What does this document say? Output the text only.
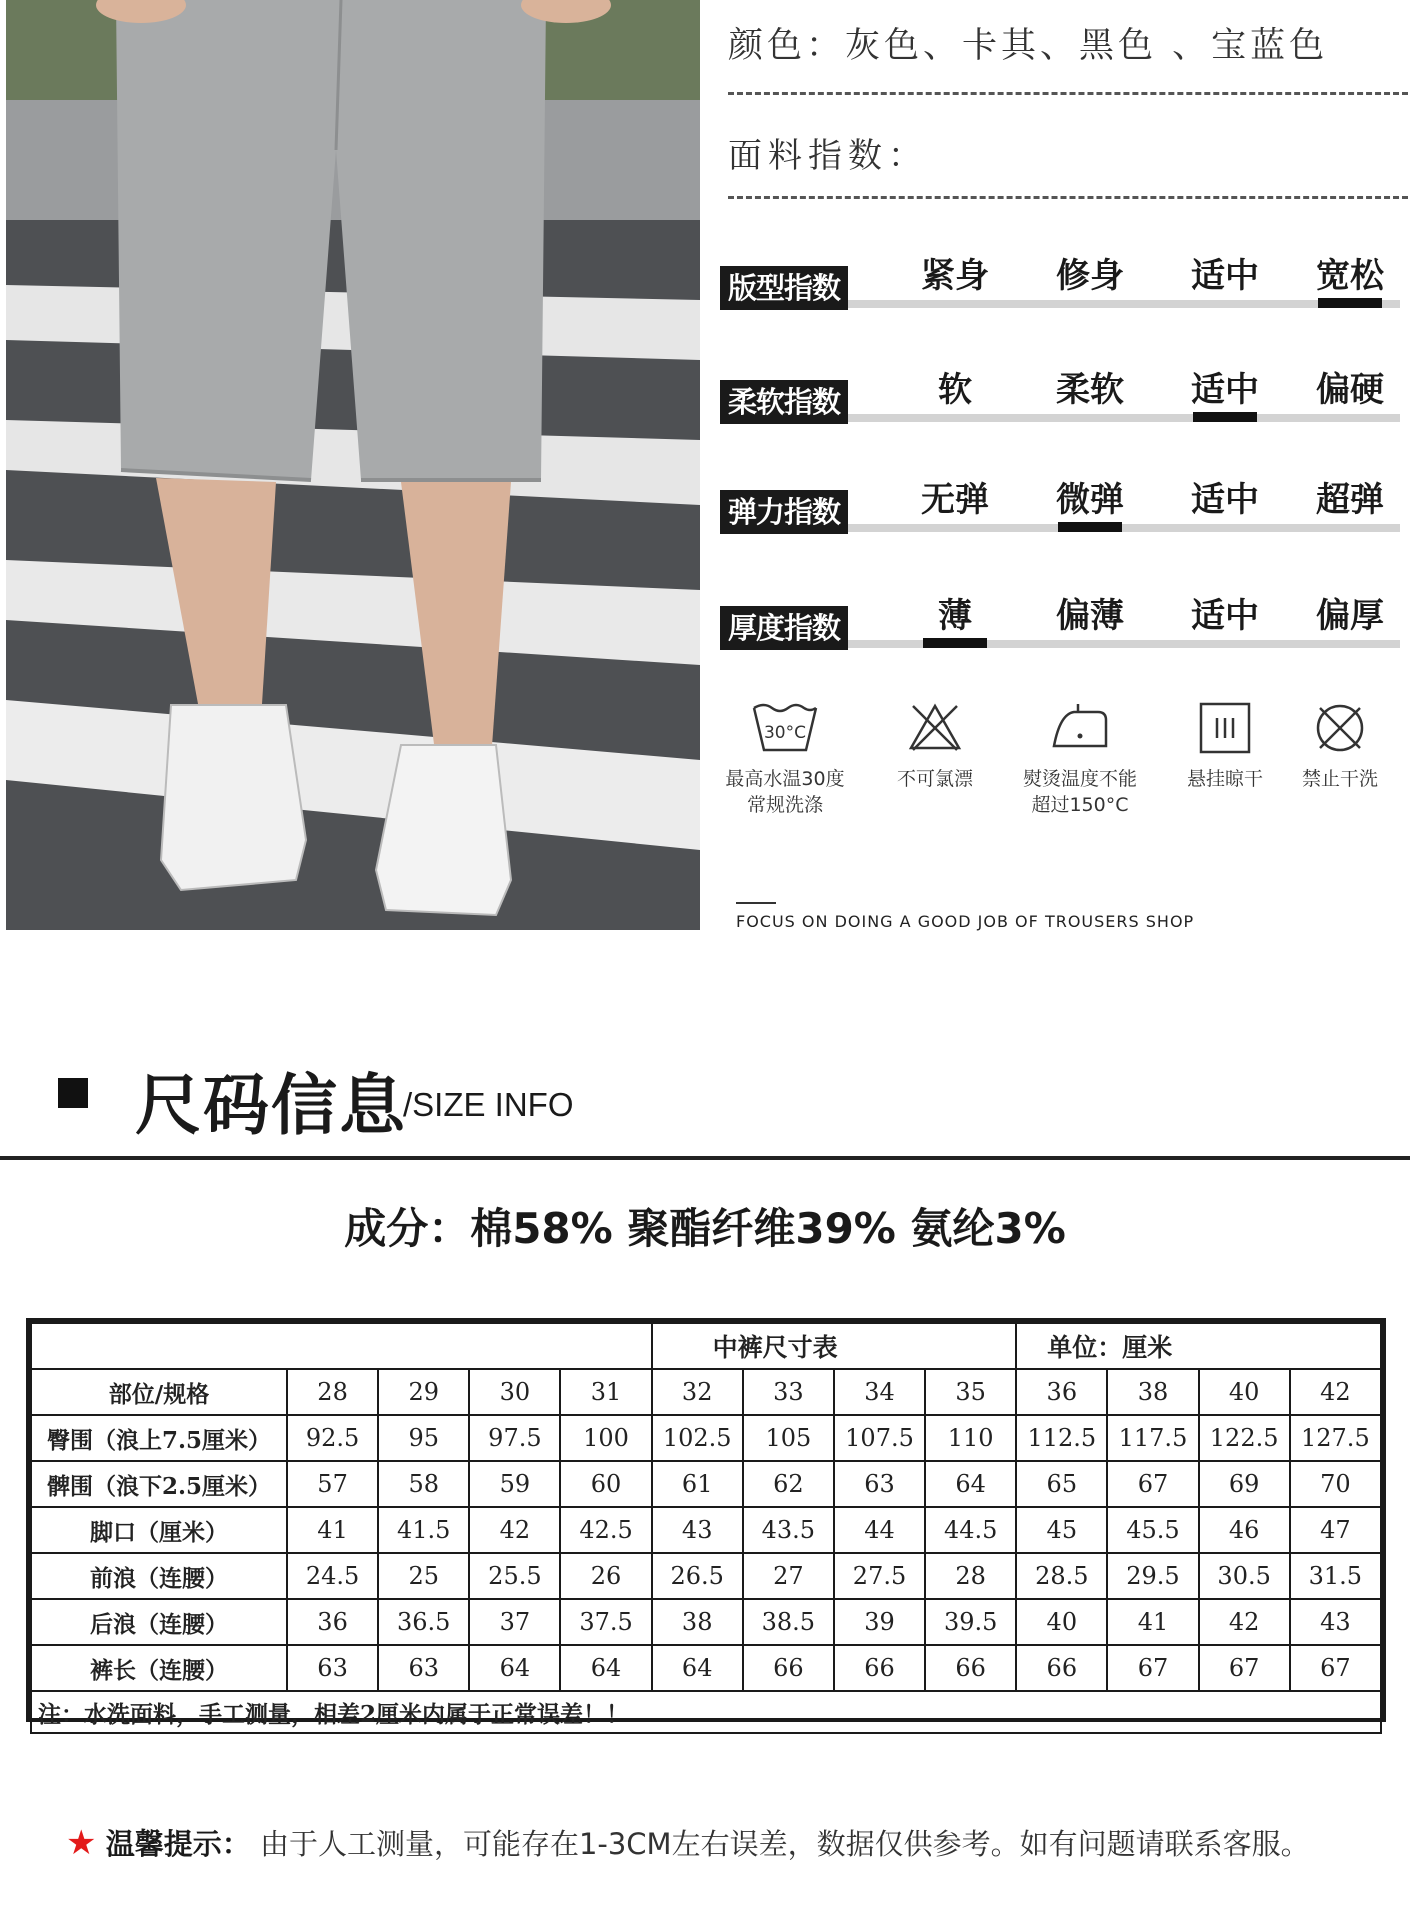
颜色：灰色、卡其、黑色 、宝蓝色
面料指数：
版型指数	紧身	修身	适中	宽松
柔软指数	软	柔软	适中	偏硬
弹力指数	无弹	微弹	适中	超弹
厚度指数	薄	偏薄	适中	偏厚
30°C
最高水温30度
常规洗涤
不可氯漂	熨烫温度不能
超过150°C
悬挂晾干	禁止干洗
FOCUS ON DOING A GOOD JOB OF TROUSERS SHOP
尺码信息
/SIZE INFO
成分：棉58% 聚酯纤维39% 氨纶3%
					中裤尺寸表				单位：厘米			
部位/规格	28	29	30	31	32	33	34	35	36	38	40	42
臀围（浪上7.5厘米）	92.5	95	97.5	100	102.5	105	107.5	110	112.5	117.5	122.5	127.5
髀围（浪下2.5厘米）	57	58	59	60	61	62	63	64	65	67	69	70
脚口（厘米）	41	41.5	42	42.5	43	43.5	44	44.5	45	45.5	46	47
前浪（连腰）	24.5	25	25.5	26	26.5	27	27.5	28	28.5	29.5	30.5	31.5
后浪（连腰）	36	36.5	37	37.5	38	38.5	39	39.5	40	41	42	43
裤长（连腰）	63	63	64	64	64	66	66	66	66	67	67	67
注：水洗面料，手工测量，相差2厘米内属于正常误差！！												
★ 温馨提示： 由于人工测量，可能存在1-3CM左右误差，数据仅供参考。如有问题请联系客服。
